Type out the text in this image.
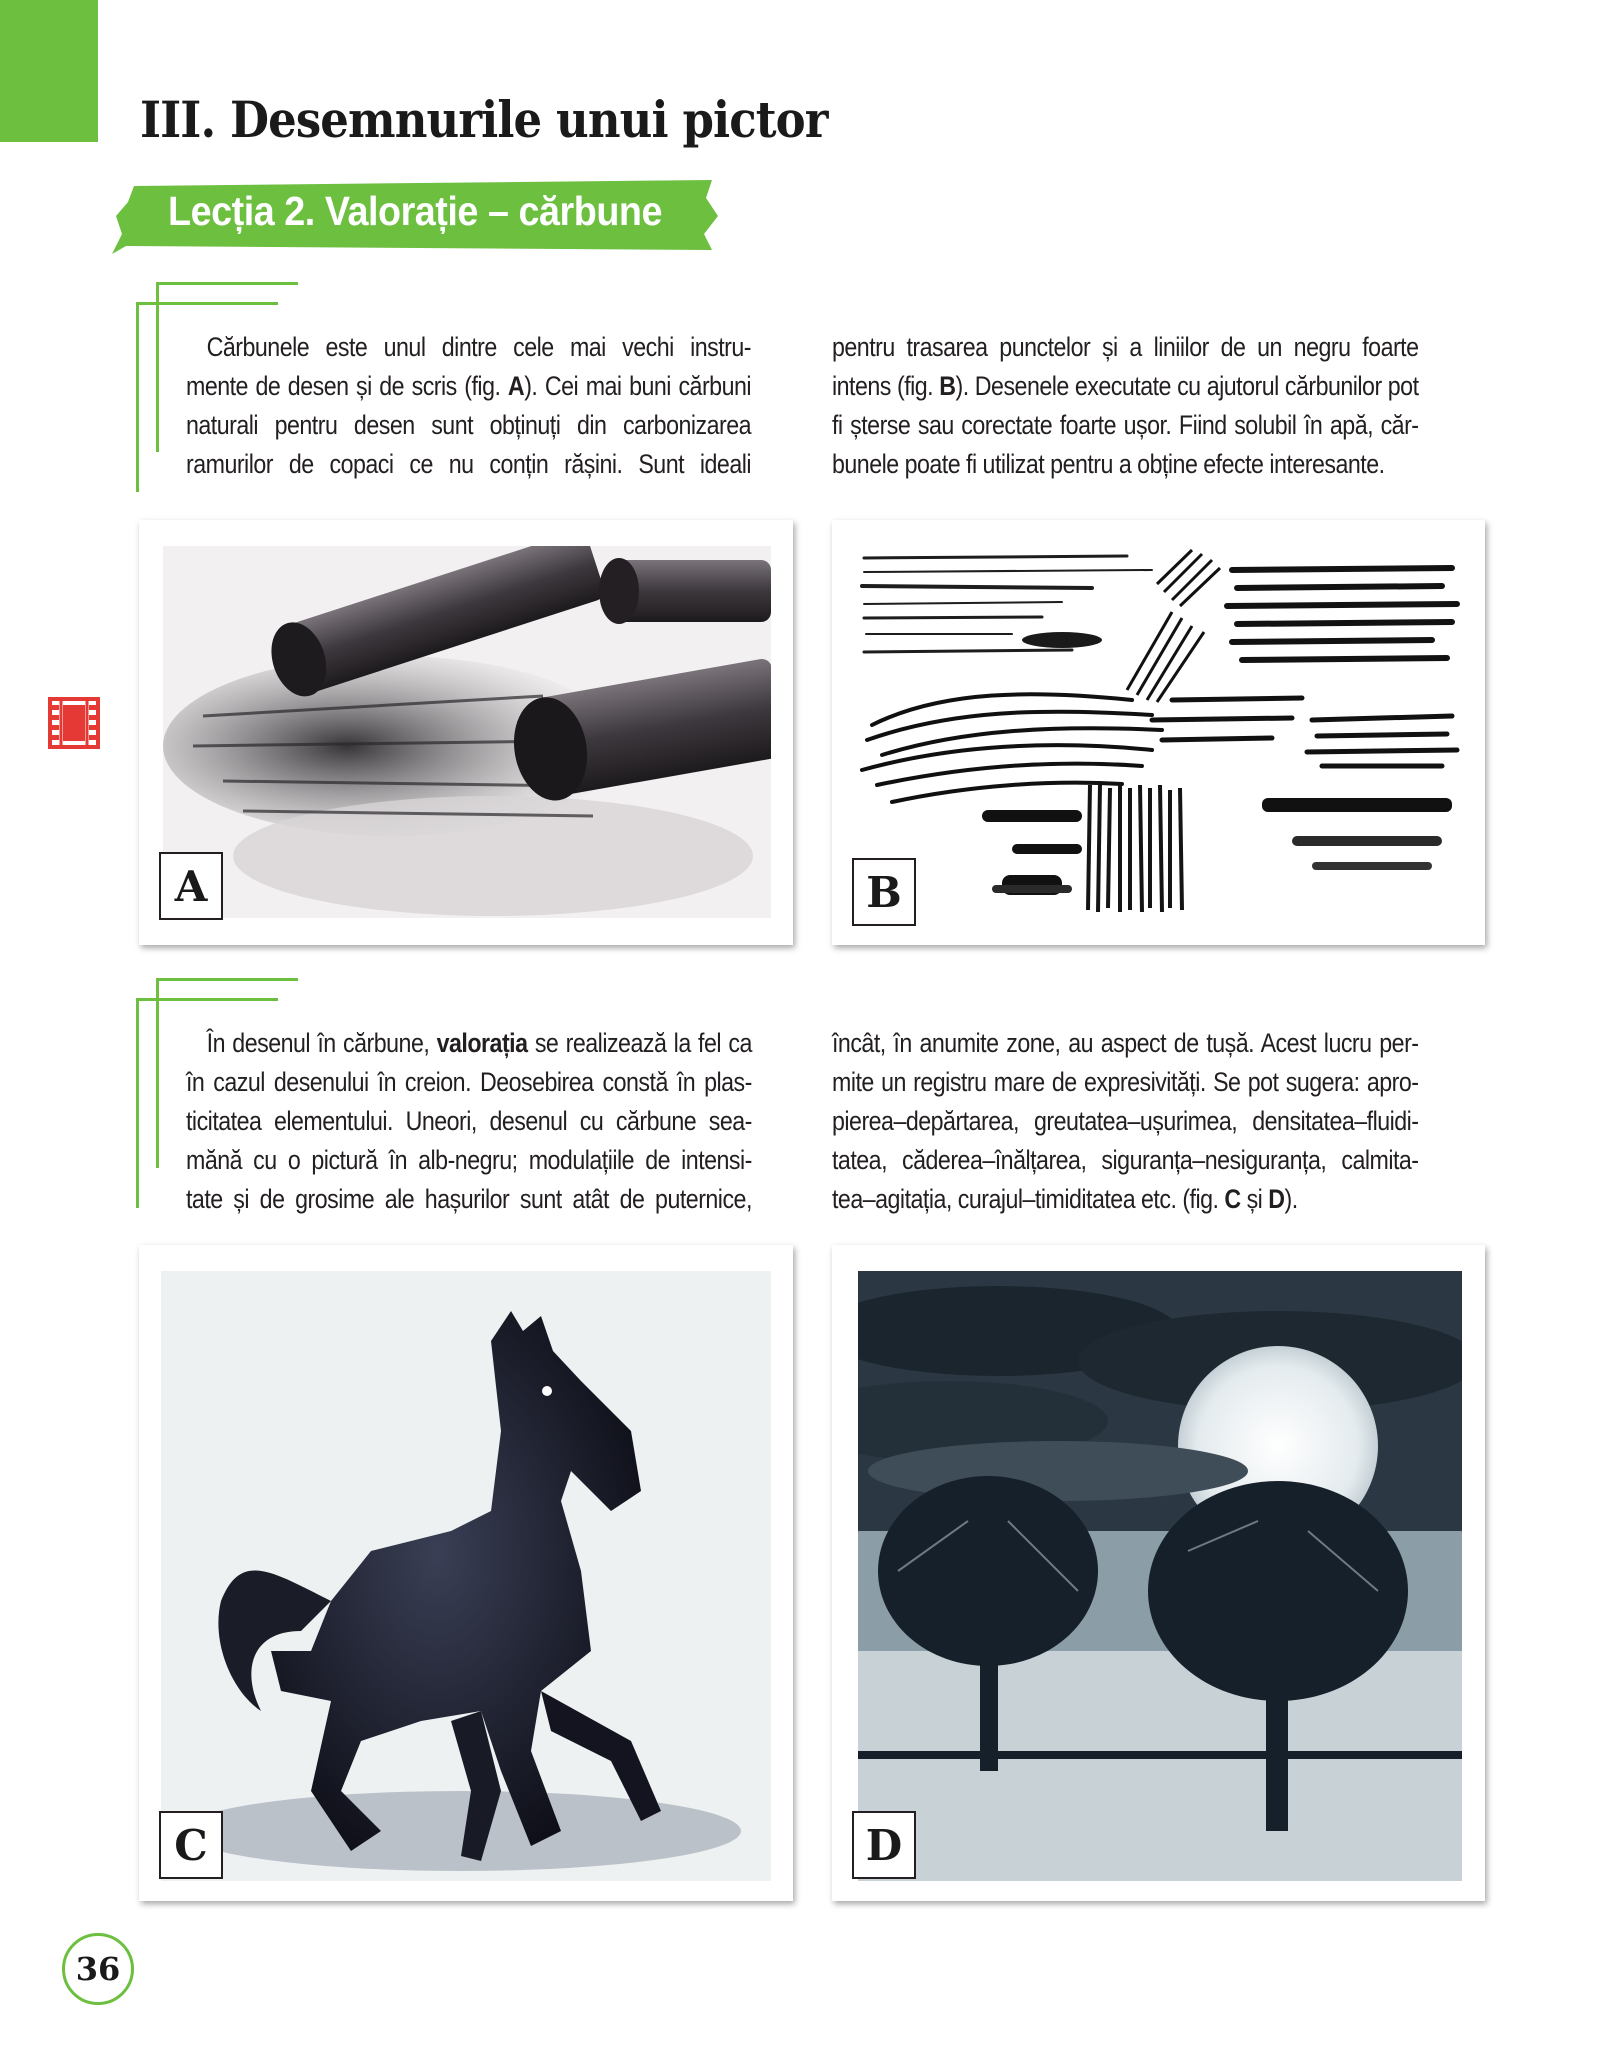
III. Desemnurile unui pictor
Lecția 2. Valorație – cărbune
Cărbunele este unul dintre cele mai vechi instru-
mente de desen și de scris (fig. A). Cei mai buni cărbuni
naturali pentru desen sunt obținuți din carbonizarea
ramurilor de copaci ce nu conțin rășini. Sunt ideali
pentru trasarea punctelor și a liniilor de un negru foarte
intens (fig. B). Desenele executate cu ajutorul cărbunilor pot
fi șterse sau corectate foarte ușor. Fiind solubil în apă, căr-
bunele poate fi utilizat pentru a obține efecte interesante.
A	B
În desenul în cărbune, valorația se realizează la fel ca
în cazul desenului în creion. Deosebirea constă în plas-
ticitatea elementului. Uneori, desenul cu cărbune sea-
mănă cu o pictură în alb-negru; modulațiile de intensi-
tate și de grosime ale hașurilor sunt atât de puternice,
încât, în anumite zone, au aspect de tușă. Acest lucru per-
mite un registru mare de expresivități. Se pot sugera: apro-
pierea–depărtarea, greutatea–ușurimea, densitatea–fluidi-
tatea, căderea–înălțarea, siguranța–nesiguranța, calmita-
tea–agitația, curajul–timiditatea etc. (fig. C și D).
C	D
36
